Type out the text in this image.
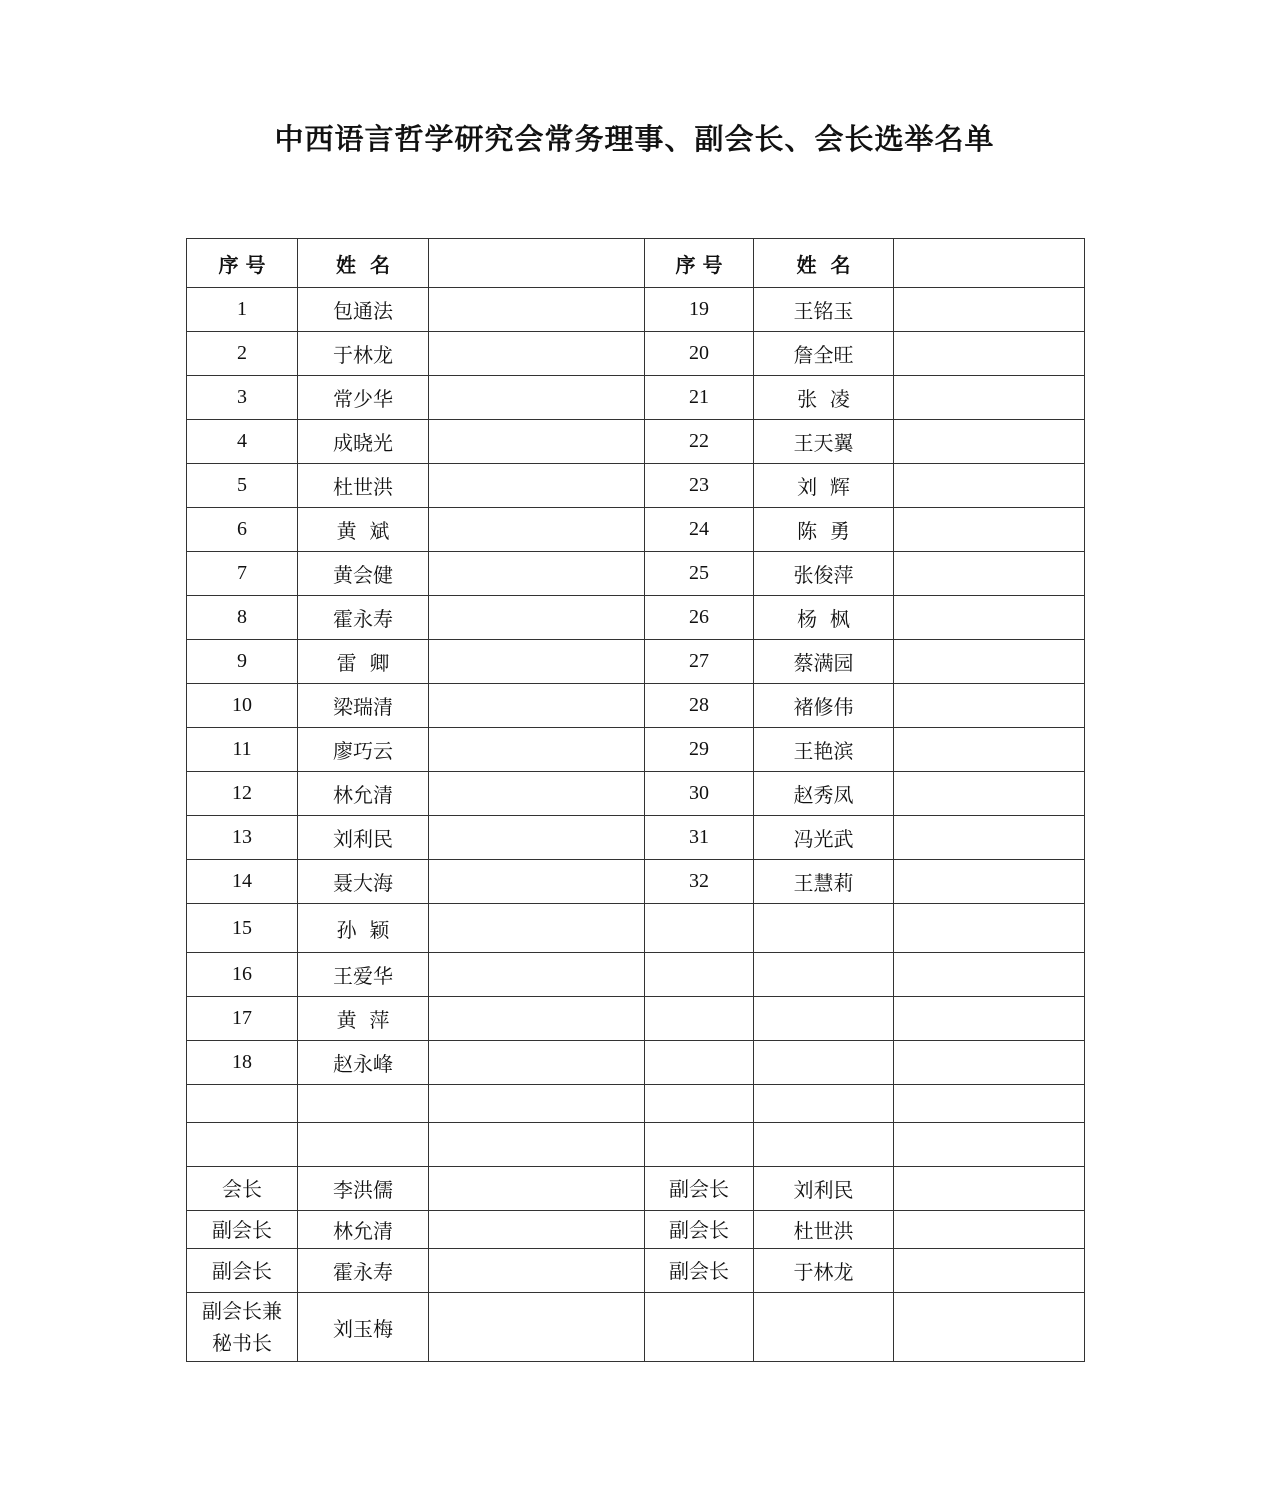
中西语言哲学研究会常务理事、副会长、会长选举名单
序 号	姓  名		序 号	姓  名	
1	包通法		19	王铭玉	
2	于林龙		20	詹全旺	
3	常少华		21	张  凌	
4	成晓光		22	王天翼	
5	杜世洪		23	刘  辉	
6	黄  斌		24	陈  勇	
7	黄会健		25	张俊萍	
8	霍永寿		26	杨  枫	
9	雷  卿		27	蔡满园	
10	梁瑞清		28	褚修伟	
11	廖巧云		29	王艳滨	
12	林允清		30	赵秀凤	
13	刘利民		31	冯光武	
14	聂大海		32	王慧莉	
15	孙  颖				
16	王爱华				
17	黄  萍				
18	赵永峰				

会长	李洪儒		副会长	刘利民	
副会长	林允清		副会长	杜世洪	
副会长	霍永寿		副会长	于林龙	
副会长兼
秘书长	刘玉梅				
